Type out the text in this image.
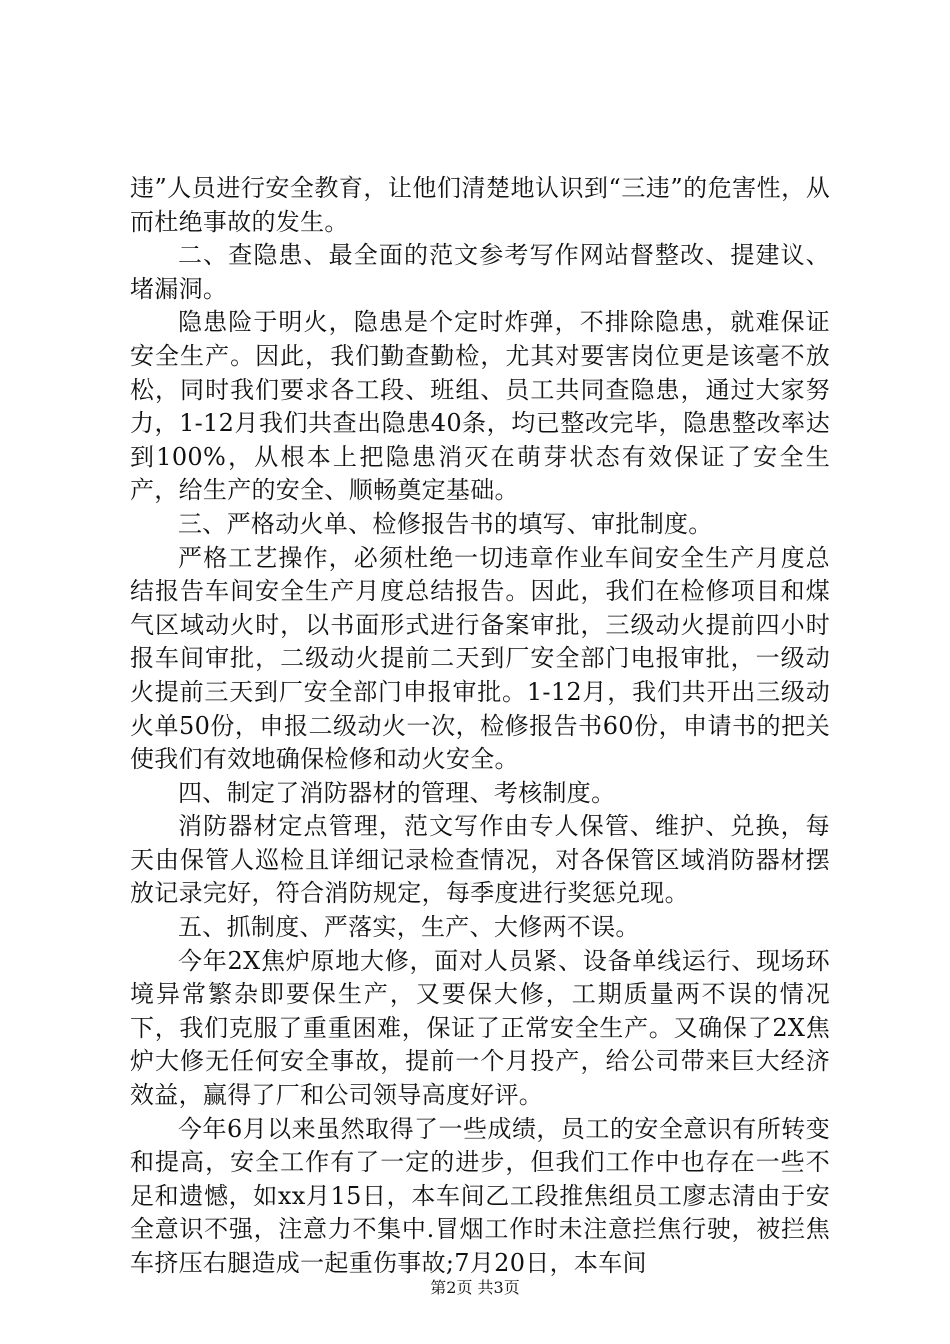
违”人员进行安全教育，让他们清楚地认识到“三违”的危害性，从而杜绝事故的发生。

二、查隐患、最全面的范文参考写作网站督整改、提建议、堵漏洞。

隐患险于明火，隐患是个定时炸弹，不排除隐患，就难保证安全生产。因此，我们勤查勤检，尤其对要害岗位更是该毫不放松，同时我们要求各工段、班组、员工共同查隐患，通过大家努力，1-12月我们共查出隐患40条，均已整改完毕，隐患整改率达到100%，从根本上把隐患消灭在萌芽状态有效保证了安全生产，给生产的安全、顺畅奠定基础。

三、严格动火单、检修报告书的填写、审批制度。

严格工艺操作，必须杜绝一切违章作业车间安全生产月度总结报告车间安全生产月度总结报告。因此，我们在检修项目和煤气区域动火时，以书面形式进行备案审批，三级动火提前四小时报车间审批，二级动火提前二天到厂安全部门电报审批，一级动火提前三天到厂安全部门申报审批。1-12月，我们共开出三级动火单50份，申报二级动火一次，检修报告书60份，申请书的把关使我们有效地确保检修和动火安全。

四、制定了消防器材的管理、考核制度。

消防器材定点管理，范文写作由专人保管、维护、兑换，每天由保管人巡检且详细记录检查情况，对各保管区域消防器材摆放记录完好，符合消防规定，每季度进行奖惩兑现。

五、抓制度、严落实，生产、大修两不误。

今年2X焦炉原地大修，面对人员紧、设备单线运行、现场环境异常繁杂即要保生产，又要保大修，工期质量两不误的情况下，我们克服了重重困难，保证了正常安全生产。又确保了2X焦炉大修无任何安全事故，提前一个月投产，给公司带来巨大经济效益，赢得了厂和公司领导高度好评。

今年6月以来虽然取得了一些成绩，员工的安全意识有所转变和提高，安全工作有了一定的进步，但我们工作中也存在一些不足和遗憾，如xx月15日，本车间乙工段推焦组员工廖志清由于安全意识不强，注意力不集中.冒烟工作时未注意拦焦行驶，被拦焦车挤压右腿造成一起重伤事故;7月20日，本车间

第2页 共3页
